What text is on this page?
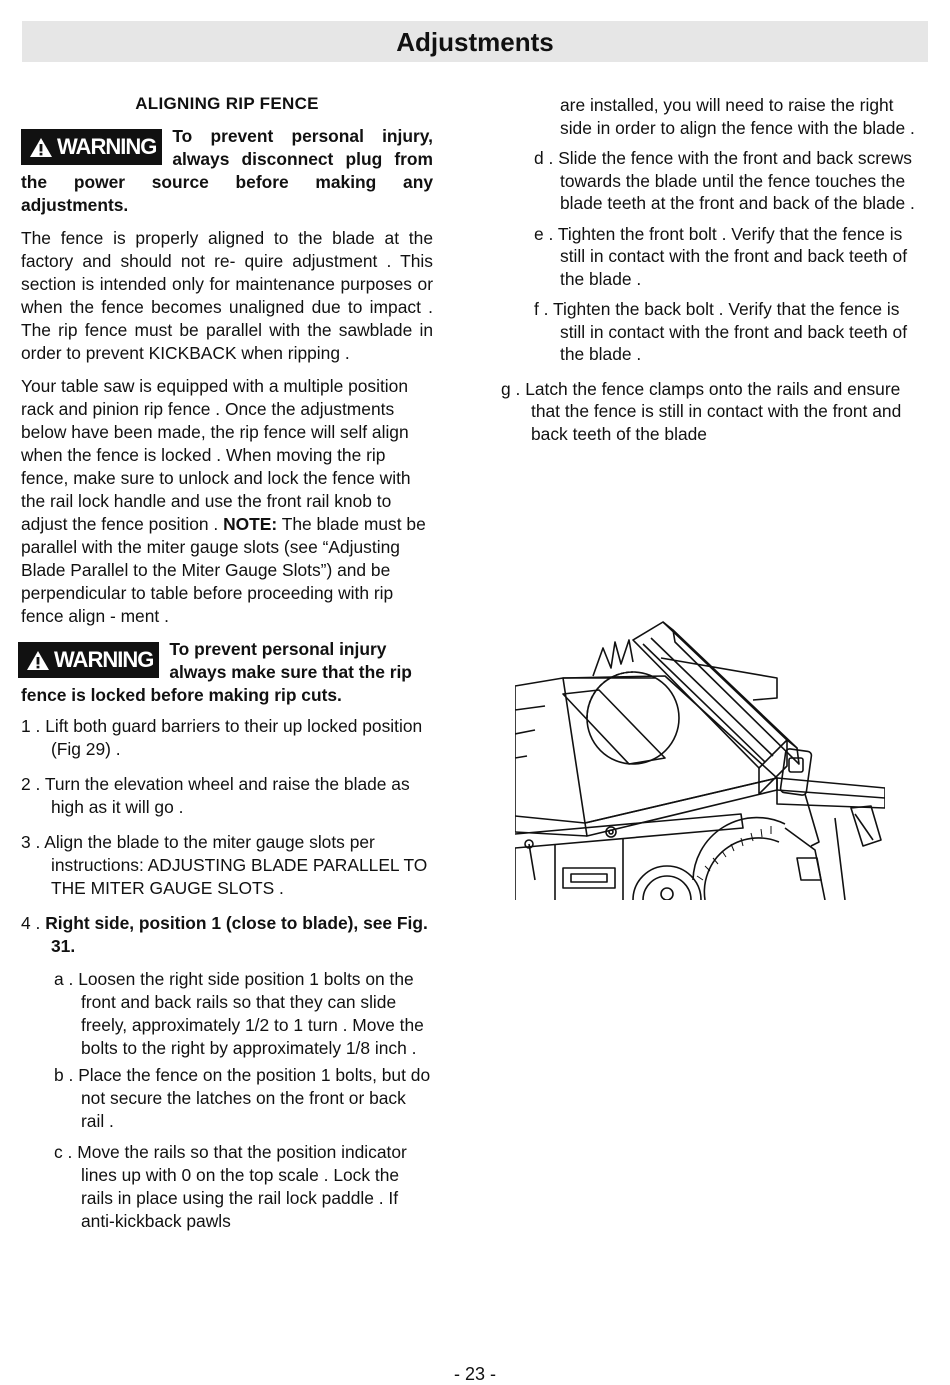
Adjustments
ALIGNING RIP FENCE
WARNING To prevent personal injury, always disconnect plug from the power source before making any adjustments.
The fence is properly aligned to the blade at the factory and should not re- quire adjustment . This section is intended only for maintenance purposes or when the fence becomes unaligned due to impact . The rip fence must be parallel with the sawblade in order to prevent KICKBACK when ripping .
Your table saw is equipped with a multiple position rack and pinion rip fence . Once the adjustments below have been made, the rip fence will self align when the fence is locked . When moving the rip fence, make sure to unlock and lock the fence with the rail lock handle and use the front rail knob to adjust the fence position . NOTE: The blade must be parallel with the miter gauge slots (see “Adjusting Blade Parallel to the Miter Gauge Slots”) and be perpendicular to table before proceeding with rip fence align - ment .
WARNING To prevent personal injury always make sure that the rip fence is locked before making rip cuts.
1 . Lift both guard barriers to their up locked position (Fig 29) .
2 . Turn the elevation wheel and raise the blade as high as it will go .
3 . Align the blade to the miter gauge slots per instructions: ADJUSTING BLADE PARALLEL TO THE MITER GAUGE SLOTS .
4 . Right side, position 1 (close to blade), see Fig. 31.
a . Loosen the right side position 1 bolts on the front and back rails so that they can slide freely, approximately 1/2 to 1 turn . Move the bolts to the right by approximately 1/8 inch .
b . Place the fence on the position 1 bolts, but do not secure the latches on the front or back rail .
c . Move the rails so that the position indicator lines up with 0 on the top scale . Lock the rails in place using the rail lock paddle . If anti-kickback pawls
are installed, you will need to raise the right side in order to align the fence with the blade .
d . Slide the fence with the front and back screws towards the blade until the fence touches the blade teeth at the front and back of the blade .
e . Tighten the front bolt . Verify that the fence is still in contact with the front and back teeth of the blade .
f . Tighten the back bolt . Verify that the fence is still in contact with the front and back teeth of the blade .
g . Latch the fence clamps onto the rails and ensure that the fence is still in contact with the front and back teeth of the blade
- 23 -
